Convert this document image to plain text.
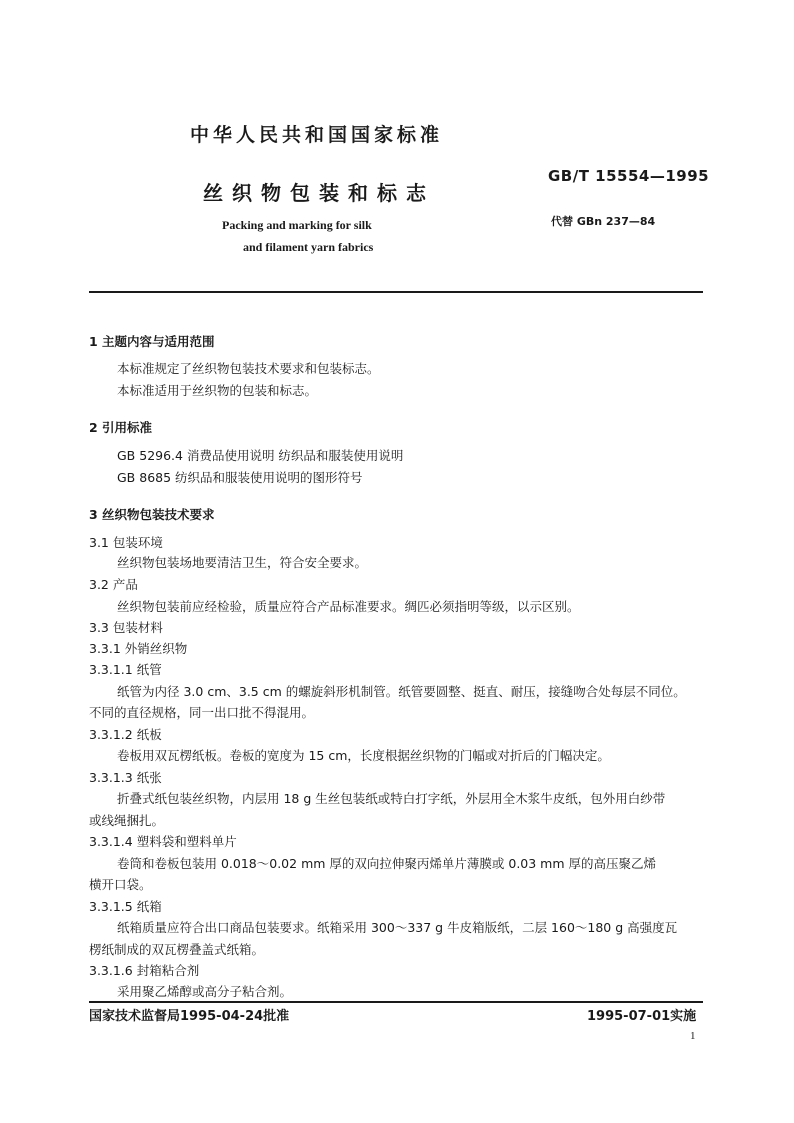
中华人民共和国国家标准
GB/T 15554—1995
丝织物包装和标志
代替 GBn 237—84
Packing and marking for silk
and filament yarn fabrics
1 主题内容与适用范围
本标准规定了丝织物包装技术要求和包装标志。
本标准适用于丝织物的包装和标志。
2 引用标准
GB 5296.4 消费品使用说明 纺织品和服装使用说明
GB 8685 纺织品和服装使用说明的图形符号
3 丝织物包装技术要求
3.1 包装环境
丝织物包装场地要清洁卫生，符合安全要求。
3.2 产品
丝织物包装前应经检验，质量应符合产品标准要求。绸匹必须指明等级，以示区别。
3.3 包装材料
3.3.1 外销丝织物
3.3.1.1 纸管
纸管为内径 3.0 cm、3.5 cm 的螺旋斜形机制管。纸管要圆整、挺直、耐压，接缝吻合处每层不同位。
不同的直径规格，同一出口批不得混用。
3.3.1.2 纸板
卷板用双瓦楞纸板。卷板的宽度为 15 cm，长度根据丝织物的门幅或对折后的门幅决定。
3.3.1.3 纸张
折叠式纸包装丝织物，内层用 18 g 生丝包装纸或特白打字纸，外层用全木浆牛皮纸，包外用白纱带
或线绳捆扎。
3.3.1.4 塑料袋和塑料单片
卷筒和卷板包装用 0.018～0.02 mm 厚的双向拉伸聚丙烯单片薄膜或 0.03 mm 厚的高压聚乙烯
横开口袋。
3.3.1.5 纸箱
纸箱质量应符合出口商品包装要求。纸箱采用 300～337 g 牛皮箱版纸，二层 160～180 g 高强度瓦
楞纸制成的双瓦楞叠盖式纸箱。
3.3.1.6 封箱粘合剂
采用聚乙烯醇或高分子粘合剂。
国家技术监督局1995-04-24批准	1995-07-01实施
1
